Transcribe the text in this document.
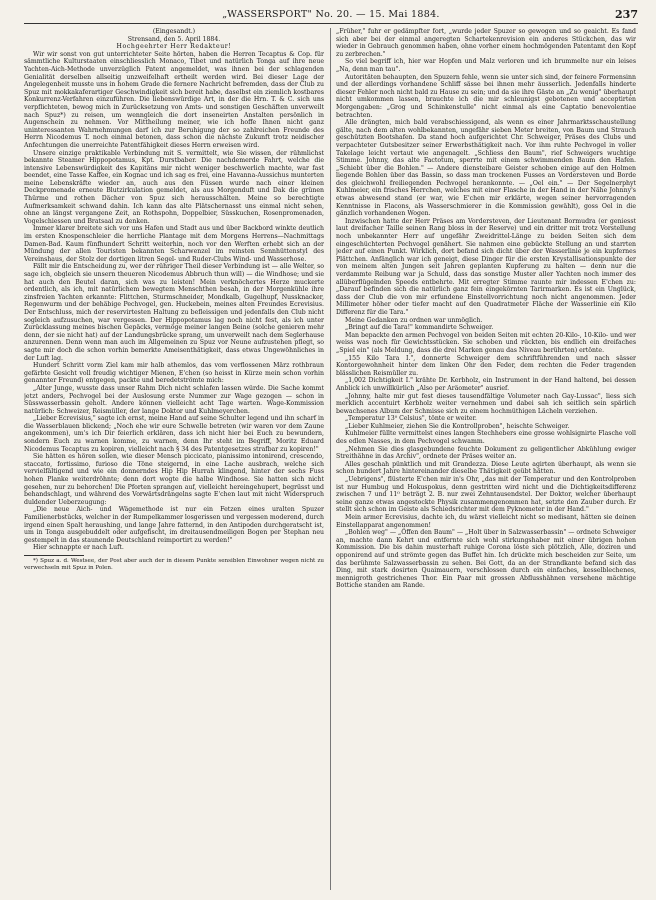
„WASSERSPORT" No. 20. — 15. Mai 1884.	237

(Eingesandt.)

Strensand, den 5. April 1884.

Hochgeehrter Herr Redakteur!

Wir wir sonst von gut unterrichteter Seite hörten, haben die Herren Tecaptus & Cop. für sämmtliche Kulturstaaten einschliesslich Monaco, Tibet und natürlich Tonga auf ihre neue Yachten-Aich-Methode unverzüglich Patent angemeldet, was ihnen bei der schlagenden Genialität derselben allseitig unzweifelhaft ertheilt werden wird. Bei dieser Lage der Angelegenheit musste uns in hohem Grade die fernere Nachricht befremden, dass der Club zu Spuz mit mokkakaferartiger Geschwindigkeit sich bereit habe, daselbst ein ziemlich kostbares Konkurrenz-Verfahren einzuführen. Die liebenswürdige Art, in der die Hrn. T. & C. sich uns verpflichteten, bewog mich in Zurücksetzung von Amts- und sonstigen Geschäften unverweilt nach Spuz*) zu reisen, um wenngleich die dort inseneirten Anstalten persönlich in Augenschein zu nehmen. Vor Mittheilung meiner, wie ich hoffe Ihnen nicht ganz uninteressanten Wahrnehmungen darf ich zur Beruhigung der so zahlreichen Freunde des Herrn Nicodemus T. noch einmal betonen, dass schon die nächste Zukunft trotz neidischer Anfechtungen die unerreichte Patentfähigkeit dieses Herrn erweisen wird.

Unsere einzige praktikable Verbindung mit S. vermittelt, wie Sie wissen, der rühmlichst bekannte Steamer Hippopotamus, Kpt. Durstbaber. Die nachdemerde Fahrt, welche die intensive Lebenswürdigkeit des Kapitäns mir nicht weniger beschwerlich machte, war fast beendet, eine Tasse Kaffee, ein Kognac und ich sag es frei, eine Havanna-Aussichus munterten meine Lebenskräfte wieder an, auch aus den Füssen wurde nach einer kleinen Deckpromenade erneute Blutzirkulation gemeldet, als aus Morgenduft und Dak die grünen Thürme und rothen Dächer von Spuz sich herausschälten. Meine so berechtigte Aufmerksamkeit schwand dahin. Ich kann das alte Plätschernasst uns einmal nicht sehen, ohne an längst vergangene Zeit, an Rothspohn, Doppelbier, Süsskuchen, Rosenpromenaden, Vogelschiessen und Bratsaal zu denken.

Immer klarer breitete sich vor uns Hafen und Stadt aus und über Backbord winkte deutlich im ersten Knospenschleier die herrliche Plantage mit dem Morgens Herrens—Nachmittags Damen-Bad. Kaum fünfhundert Schritt weiterhin, noch vor den Werften erhebt sich an der Mündung der allen Touristen bekannten Scharwenzel im reinsten Sennhüttenstyl des Vereinshaus, der Stolz der dortigen litren Segel- und Ruder-Clubs Wind- und Wasserhose.

Fällt mir die Entscheidung zu, wer der rühriger Theil dieser Verbindung ist — alle Welter, so sage ich, obgleich sie unsern theueren Nicodemus Abbruch thun will) — die Windhose; und sie hat auch den Beutel daran, sich was zu leisten! Mein verknöchertes Herze muckerte ordentlich, als ich, mit natürlichem bewegtem Menschthen besah, in der Morgenkühle ihre zinsfreien Yachten erkannte: Flittchen, Sturmschneider, Mondkalb, Gugelhupf, Nussknacker, Regenwurm und der behäbige Pechvogel, gen. Huckebein, meines alten Freundes Ecrevisius. Der Entschluss, mich der reservirtesten Haltung zu befleissigen und jedenfalls den Club nicht sogleich aufzusuchen, war vergessen. Der Hippopotamus lag noch nicht fest, als ich unter Zurücklassung meines bischen Gepäcks, vermöge meiner langen Beine (solche genieren mehr denn, der sie nicht hat) auf der Landungsbrücke sprang, um unverweilt nach dem Seglerhause anzurennen. Denn wenn man auch im Allgemeinen zu Spuz vor Neune aufzustehen pflegt, so sagte mir doch die schon vorhin bemerkte Ameisenthätigkeit, dass etwas Ungewöhnliches in der Luft lag.

Hundert Schritt vorm Ziel kam mir halb athemlos, das vom verflossenen März rothbraun gefärbte Gesicht voll freudig wichtiger Mienen, E'chen (so heisst in Kürze mein schon vorhin genannter Freund) entgegen, packte und beredetströmte mich:

„Alter Junge, wusste dass unser Rahm Dich nicht schlafen lassen würde. Die Sache kommt jetzt anders, Pechvogel bei der Auslosung erste Nummer zur Wage gezogen — schon in Süsswasserbassin geholt. Andere können vielleicht acht Tage warten. Wage-Kommission natürlich: Schweizer, Reismüller, der lange Doktor und Kuhlmeyerchen.

„Lieber Ecrevisius," sagte ich ernst, meine Hand auf seine Schulter legend und ihn scharf in die Wasserblauen blickend; „Noch ehe wir eure Schwelle betreten (wir waren vor dem Zaune angekommen), um's ich Dir feierlich erklären, dass ich nicht hier bei Euch zu bewundern, sondern Euch zu warnen komme, zu warnen, denn Ihr steht im Begriff, Moritz Eduard Nicodemus Tecaptus zu kopiren, vielleicht nach § 34 des Patentgesetzes strafbar zu kopiren!"

Sie hätten es hören sollen, wie dieser Mensch piccicato, pianissimo intonirend, crescendo, staccato, fortissimo, furioso die Töne steigernd, in eine Lache ausbrach, welche sich vervielfältigend und wie ein donnerndes Hip Hip Hurrah klingend, hinter der sechs Fuss hohen Planke weiterdröhnte; denn dort wogte die halbe Windhose. Sie hatten sich nicht gesehen, nur zu behorchen! Die Pforten sprangen auf, vielleicht hereingehupert, begrüsst und behandschlagt, und während des Vorwärtsdrängelns sagte E'chen laut mit nicht Widerspruch duldender Ueberzeugung:

„Die neue Aich- und Wägemethode ist nur ein Fetzen eines uralten Spuzer Familienerbstücks, welcher in der Rumpelkammer losgerissen und vergessen moderend, durch irgend einen Spalt heraushing, und lange Jahre fatternd, in den Antipoden durchgeratscht ist, um in Tonga ausgebuddelt oder aufgefischt, im dreitausendmeiligen Bogen per Stephan neu gestempelt in das staunende Deutschland reimportirt zu werden!"

Hier schnappte er nach Luft.

*) Spuz a. d. Westsee, der Post aber auch der in diesem Punkte sensiblen Einwohner wegen nicht zu verwechseln mit Spuz in Polen.

„Früher," fuhr er gedämpfter fort, „wurde jeder Spuzer so gewogen und so geaicht. Es fand sich aber bei der einmal angeregten Schartekenrevision ein anderes Stückchen, das wir wieder in Gebrauch genommen haben, ohne vorher einem hochmögenden Patentamt den Kopf zu zerbrechen."

So viel begriff ich, hier war Hopfen und Malz verloren und ich brummelte nur ein leises „Na, denn man tau".

Autoritäten behaupten, den Spuzern fehle, wenn sie unter sich sind, der feinere Formensinn und der allerdings vorhandene Schliff sässe bei ihnen mehr äusserlich. Jedenfalls hinderte dieser Fehler noch nicht bald zu Hause zu sein; und da sie ihre Gäste an „Zu wenig" überhaupt nicht umkommen lassen, brauchte ich die mir schleunigst gebotenen und acceptirten Morgengaben: „Grog und Schinkenstulle" nicht einmal als eine Captatio benevolentiae betrachten.

Alle drängten, mich bald verabschiessigend, als wenn es einer Jahrmarktsschaustellung gälte, nach dem alten wohlbekannten, ungefähr sieben Meter breiten, von Baum und Strauch geschützten Bootshafen. Da stand hoch aufgerichtet Chr. Schweiger, Präses des Clubs und verpachteter Gutsbesitzer seiner Erwerbsthätigkeit nach. Vor ihm ruhte Pechvogel in voller Takelage leicht vertaut wie angenagelt. „Schliess den Baum", rief Schweigers wuchtige Stimme. Johnny, das alte Factotum, sperrte mit einem schwimmenden Baum den Hafen. „Schiebt über die Bohlen." — Andere diensteibare Geister schoben einige auf den Holmen liegende Bohlen über das Bassin, so dass man trockenen Fusses an Vordersteven und Borde des gleichwohl freiliegenden Pechvogel herankonnte. — „Oel ein." — Der Segelnerphyt Kuhlmeier, ein frisches Herrchen, welches mit einer Flasche in der Hand in der Nähe Johnny's etwas abwesend stand (er war, wie E'chen mir erklärte, wegen seiner hervorragenden Kenntnisse in Flacons, als Wasserschmierer in die Kommission gewählt), goss Oel in die gänzlich vorhandenen Wogen.

Inzwischen hatte der Herr Präses am Vordersteven, der Lieutenant Bormudra (er geniesst laut dreifacher Taille seinen Rang bloss in der Reserve) und ein dritter mit trotz Vorstellung noch unbekannter Herr auf ungefähr Zweidrittel-Länge zu beiden Seiten sich dem eingeschüchterten Pechvogel genähert. Sie nahmen eine gebückte Stellung an und starrten jeder auf einen Punkt. Wirklich, dort befand sich dicht über der Wasserlinie je ein kupfernes Plättchen. Anfänglich war ich geneigt, diese Dinger für die ersten Krystallisationspunkte der von meinem alten Jungen seit Jahren geplanten Kupferung zu halten — denn nur die verdammte Reibung war ja Schuld, dass das sonstige Muster aller Yachten noch immer des allüberflügelnden Speeds entbehrte. Mit erregter Stimme raunte mir indessen E'chen zu: „Darauf befinden sich die natürlich ganz fein eingekörnten Tarirmarken. Es ist ein Unglück, dass der Club die von mir erfundene Einstellvorrichtung noch nicht angenommen. Jeder Millimeter höher oder tiefer macht auf den Quadratmeter Fläche der Wasserlinie ein Kilo Differenz für die Tara."

Meine Gedanken zu ordnen war unmöglich.

„Bringt auf die Tara!" kommandirte Schweiger.

Man bepackte den armen Pechvogel von beiden Seiten mit echten 20-Kilo-, 10-Kilo- und wer weiss was noch für Gewichtsstücken. Sie schoben und rückten, bis endlich ein dreifaches „Spiel ein" (als Meldung, dass die drei Marken genau das Niveau berührten) ertönte.

„155 Kilo Tara I.", donnerte Schweiger dem schriftführenden und nach sässer Kontorgewohnheit hinter dem linken Ohr den Feder, dem rechten die Feder tragenden blässlichen Reismüller zu.

„1,002 Dichtigkeit I." krähte Dr. Kerbholz, ein Instrument in der Hand haltend, bei dessen Anblick ich unwillkürlich „Also per Aräometer" ausrief.

„Johnny, halte mir gut fest dieses tausendfältige Volumeter nach Gay-Lussac", liess sich merklich accentuirt Kerbholz weiter vernehmen und dabei sah ich seitlich sein spärlich bewachsenes Album der Schmisse sich zu einem hochmüthigen Lächeln verziehen.

„Temperatur 13⁰ Celsius", tönte er weiter.

„Lieber Kuhlmeier, ziehen Sie die Kontrollproben", heischte Schweiger.

Kuhlmeier füllte vermittelst eines langen Stechhebers eine grosse wohlsignirte Flasche voll des edlen Nasses, in dem Pechvogel schwamm.

„Nehmen Sie dies glasgebundene feuchte Dokument zu geligentlicher Abkühlung ewiger Streithähne in das Archiv", ordnete der Präses weiter an.

Alles geschah pünktlich und mit Grandezza. Diese Leute agirten überhaupt, als wenn sie schon hundert Jahre hintereinander dieselbe Thätigkeit geübt hätten.

„Uebrigens", flüsterte E'chen mir in's Ohr, „das mit der Temperatur und den Kontrolproben ist nur Humbug und Hokuspokus, denn gestritten wird nicht und die Dichtigkeitsdifferenz zwischen 7 und 11⁰ beträgt 2. B. nur zwei Zehntausendstel. Der Doktor, welcher überhaupt seine ganze etwas angestockte Physik zusammengenommen hat, setzte den Zauber durch. Er stellt sich schon im Geiste als Schiedsrichter mit dem Pyknometer in der Hand."

Mein armer Ecrevisius, dachte ich, du wärst vielleicht nicht so medisant, hätten sie deinen Einstellapparat angenommen!

„Bohlen weg" — „Öffen den Baum" — „Holt über in Salzwasserbassin" — ordnete Schweiger an, machte dann Kehrt und entfernte sich wohl stirkungshaber mit einer übrigen hohen Kommission. Die bis dahin musterhaft ruhige Corona löste sich plötzlich, Alle, doziren und opponirend auf und strömte gegen das Buffet hin. Ich drückte mich bescheiden zur Seite, um das berühmte Salzwasserbassin zu sehen. Bei Gott, da an der Strandkante befand sich das Ding, mit stark dosirten Quaimauern, verschlossen durch ein einfaches, kesselblechenes, mennigroth gestrichenes Thor. Ein Paar mit grossen Abflusshähnen versehene mächtige Bottiche standen am Rande.
